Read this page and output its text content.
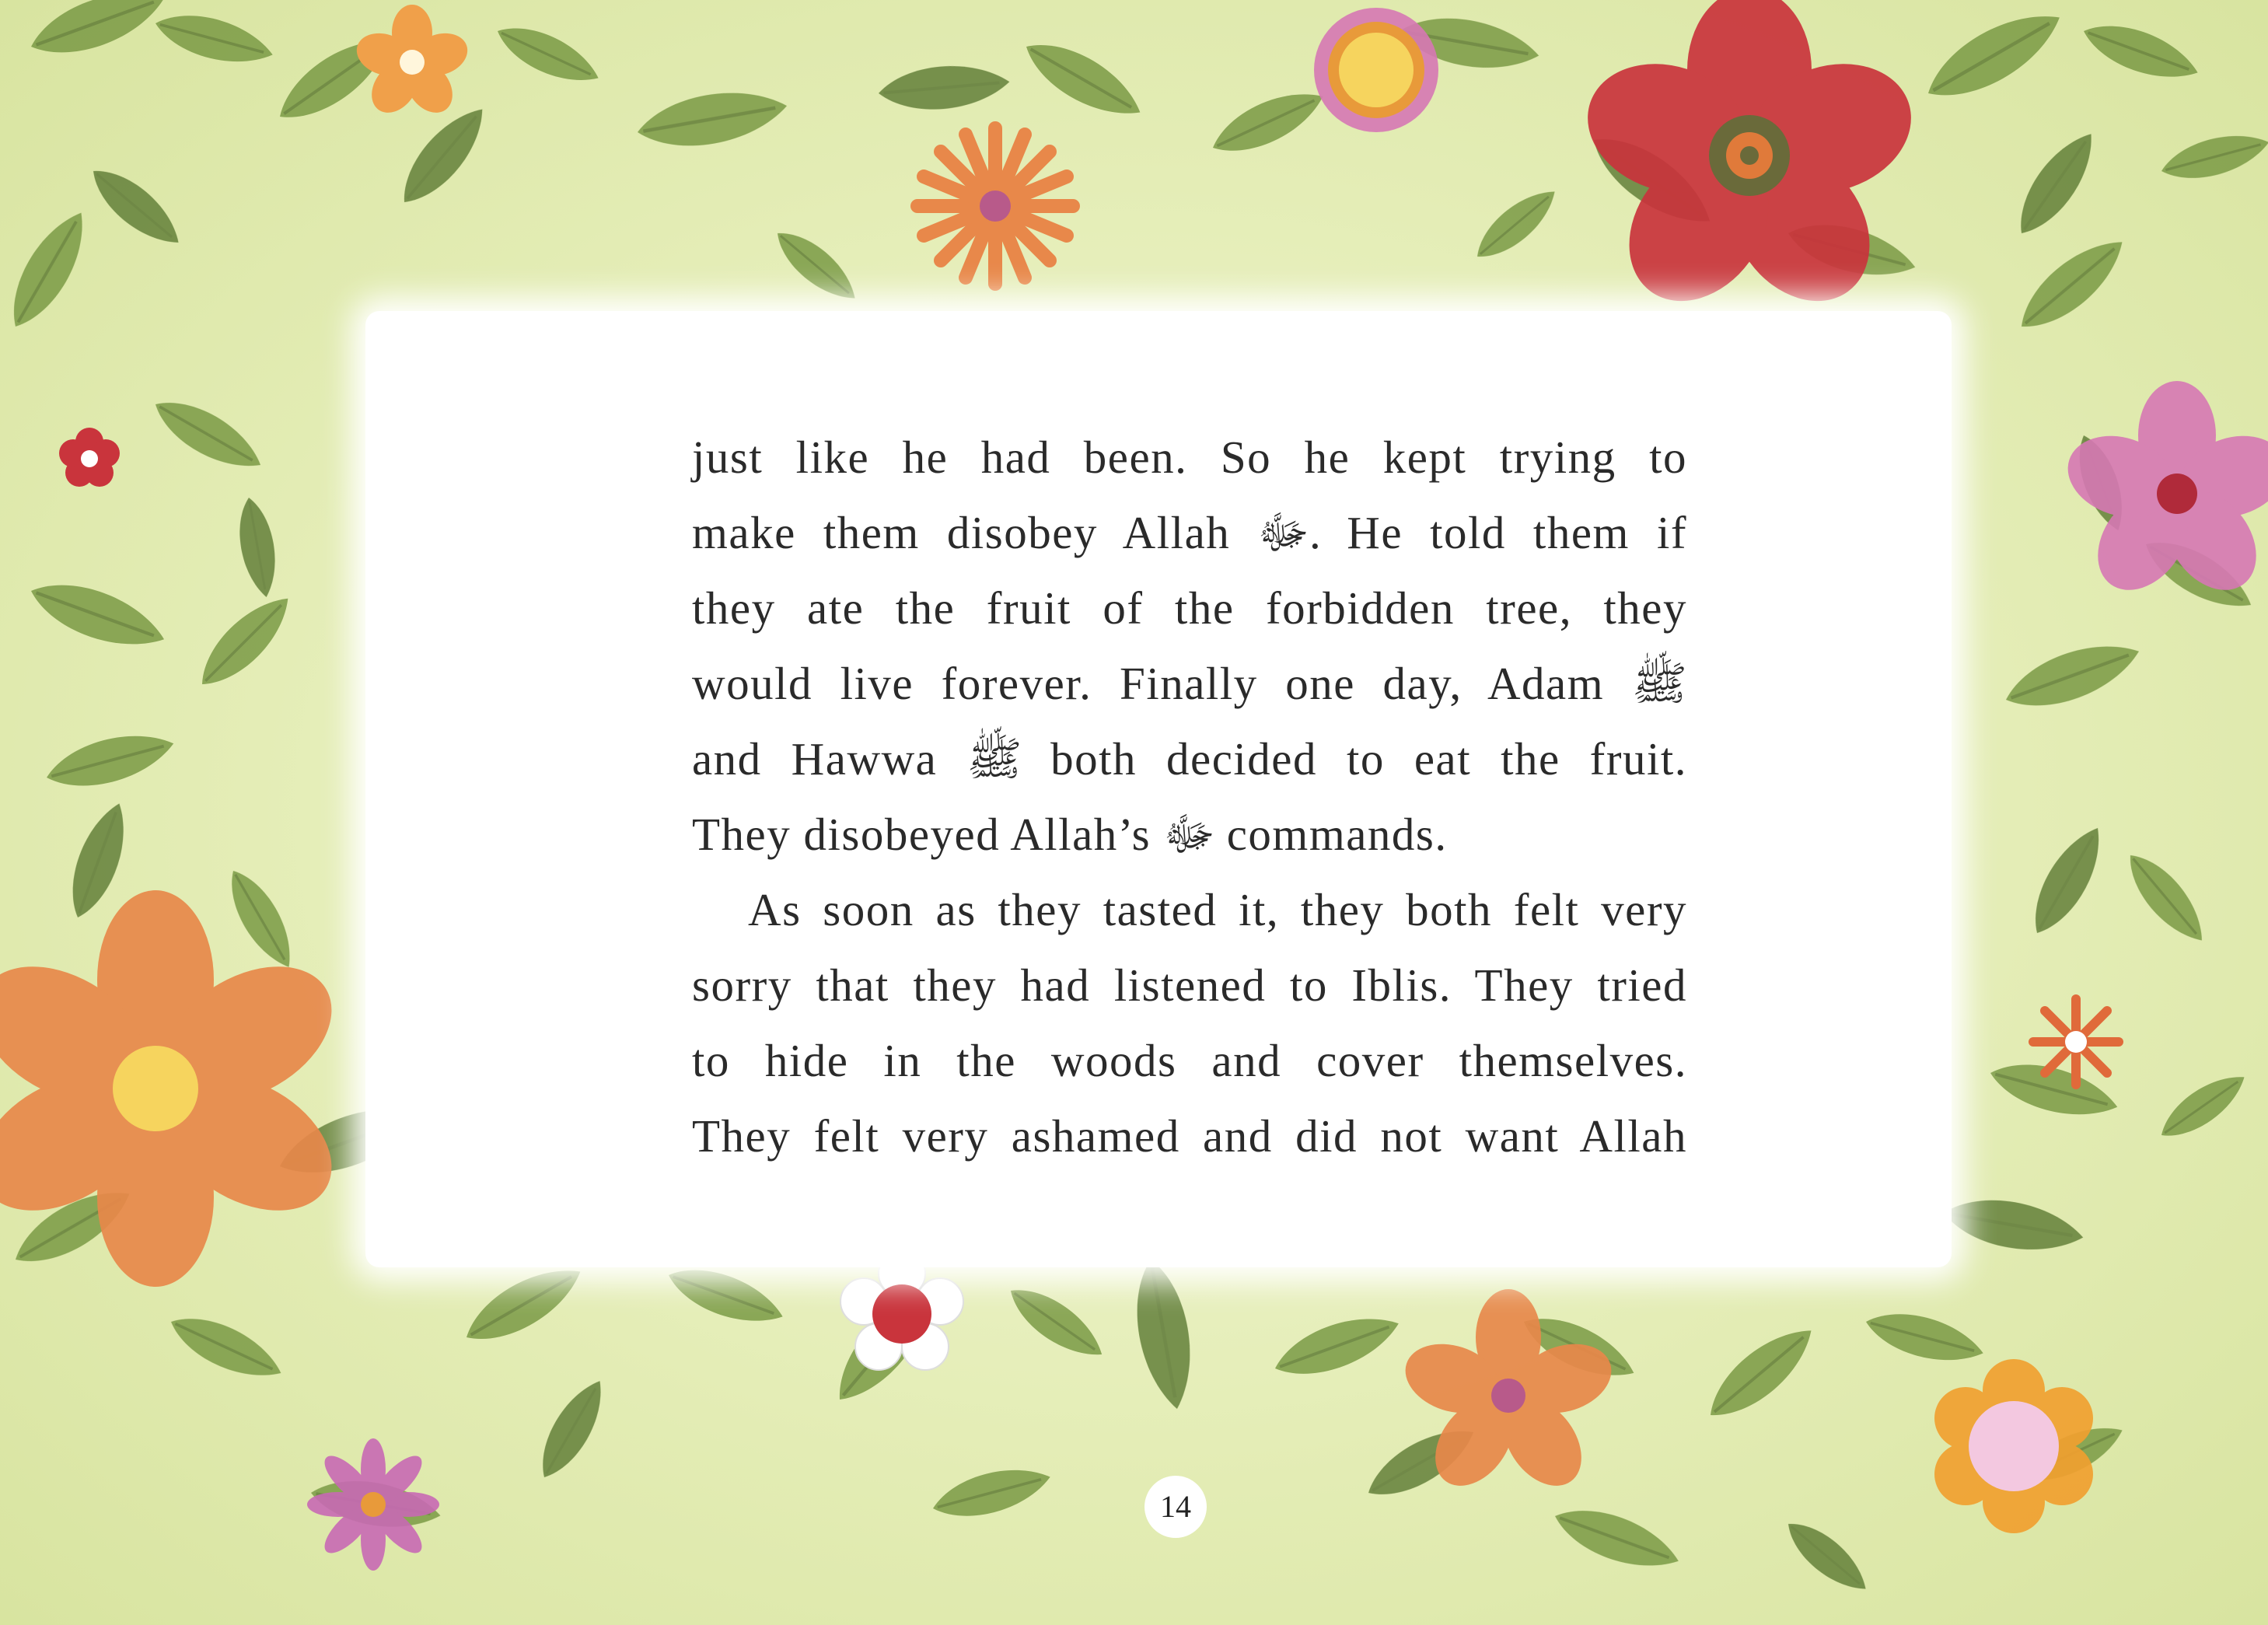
just like he had been. So he kept trying to
make them disobey Allah ﷻ. He told them if
they ate the fruit of the forbidden tree, they
would live forever. Finally one day, Adam ﷺ
and Hawwa ﷺ both decided to eat the fruit.
They disobeyed Allah’s ﷻ commands.
As soon as they tasted it, they both felt very
sorry that they had listened to Iblis. They tried
to hide in the woods and cover themselves.
They felt very ashamed and did not want Allah
14
